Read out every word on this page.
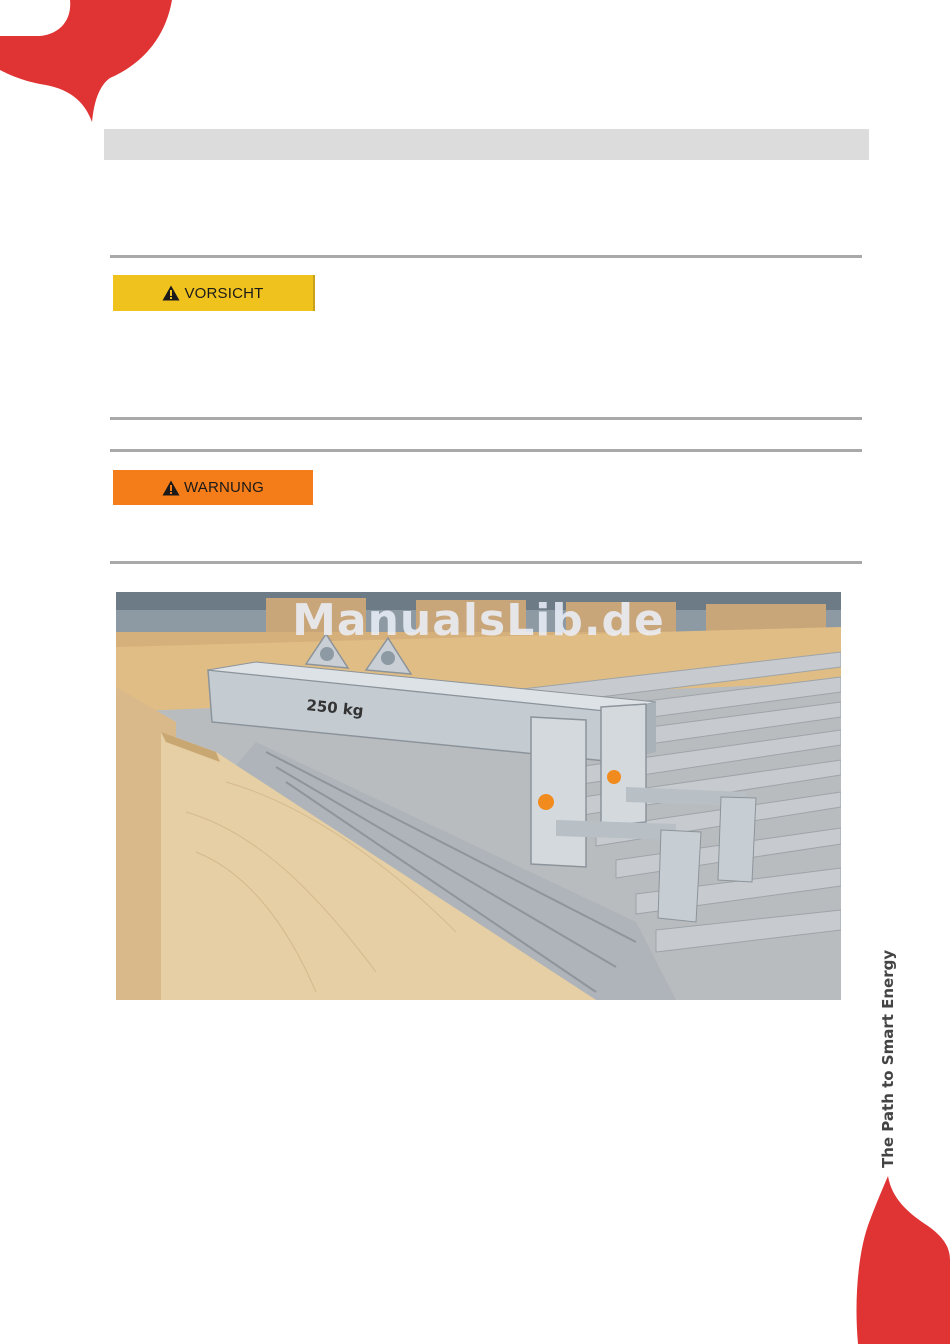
VORSICHT
WARNUNG
250 kg
ManualsLib.de
The Path to Smart Energy
